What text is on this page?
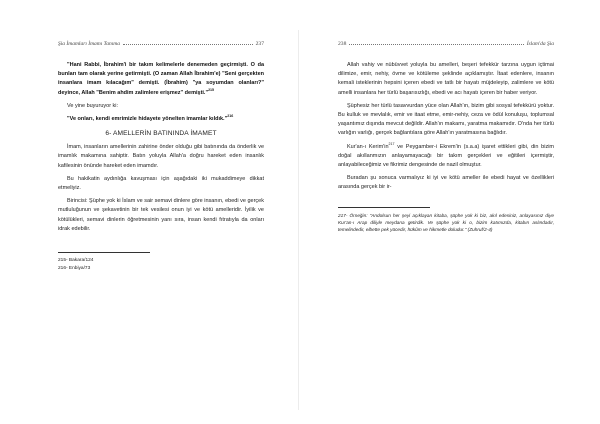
Şia İmamları İmamı Tanıma	237

"Hani Rabbi, İbrahim'i bir takım kelimelerle denemeden geçirmişti. O da bunları tam olarak yerine getirmişti. (O zaman Allah İbrahim'e) "Seni gerçekten insanlara imam kılacağım" demişti. (İbrahim) "ya soyumdan olanları?" deyince, Allah "Benim ahdim zalimlere erişmez" demişti."$^{215}$

Ve yine buyuruyor ki:

"Ve onları, kendi emrimizle hidayete yönelten imamlar kıldık."$^{216}$

6- AMELLERİN BATININDA İMAMET

İmam, insanların amellerinin zahirine önder olduğu gibi batınında da önderlik ve imamlık makamına sahiptir. Batın yoluyla Allah'a doğru hareket eden insanlık kafilesinin önünde hareket eden imamdır.

Bu hakikatin aydınlığa kavuşması için aşağıdaki iki mukaddimeye dikkat etmeliyiz.

Birincisi: Şüphe yok ki İslam ve sair semavi dinlere göre insanın, ebedi ve gerçek mutluluğunun ve şekavetinin bir tek vesilesi onun iyi ve kötü amelleridir. İyilik ve kötülükleri, semavi dinlerin öğretmesinin yanı sıra, insan kendi fıtratıyla da onları idrak edebilir.

215- Bakara/124

216- Enbiya/73

238	İslam'da Şia

Allah vahiy ve nübüvvet yoluyla bu amelleri, beşeri tefekkür tarzına uygun içtimai dilimize, emir, nehiy, övme ve kötüleme şeklinde açıklamıştır. İtaat edenlere, insanın kemali isteklerinin hepsini içeren ebedi ve tatlı bir hayatı müjdeleyip, zalimlere ve kötü amelli insanlara her türlü başarısızlığı, ebedi ve acı hayatı içeren bir haber veriyor.

Şüphesiz her türlü tasavvurdan yüce olan Allah'ın, bizim gibi sosyal tefekkürü yoktur. Bu kulluk ve mevlalık, emir ve itaat etme, emir-nehiy, ceza ve ödül konuluşu, toplumsal yaşantımız dışında mevcut değildir. Allah'ın makamı, yaratma makamıdır. O'nda her türlü varlığın varlığı, gerçek bağlantılara göre Allah'ın yaratmasına bağlıdır.

Kur'an-ı Kerim'in$^{217}$ ve Peygamber-i Ekrem'in (s.a.a) işaret ettikleri gibi, din bizim doğal akıllanmızın anlayamayacağı bir takım gerçekleri ve eğitileri içermiştir, anlayabileceğimiz ve fikrimiz dengesinde de nazil olmuştur.

Buradan şu sonuca varmalıyız ki iyi ve kötü ameller ile ebedi hayat ve özellikleri arasında gerçek bir ir-

217- Örneğin: "Andolsun her şeyi açıklayan kitaba, şüphe yok ki biz, akıl edesiniz, anlayasınız diye Kur'an-ı Arap diliyle meydana getirdik. Ve şüphe yok ki o, bizim katımızda, kitabın aslındadır, temelindedir, elbette pek yücedir, hükûm ve hikmetle doludur." (Zuhruf/2-4)
